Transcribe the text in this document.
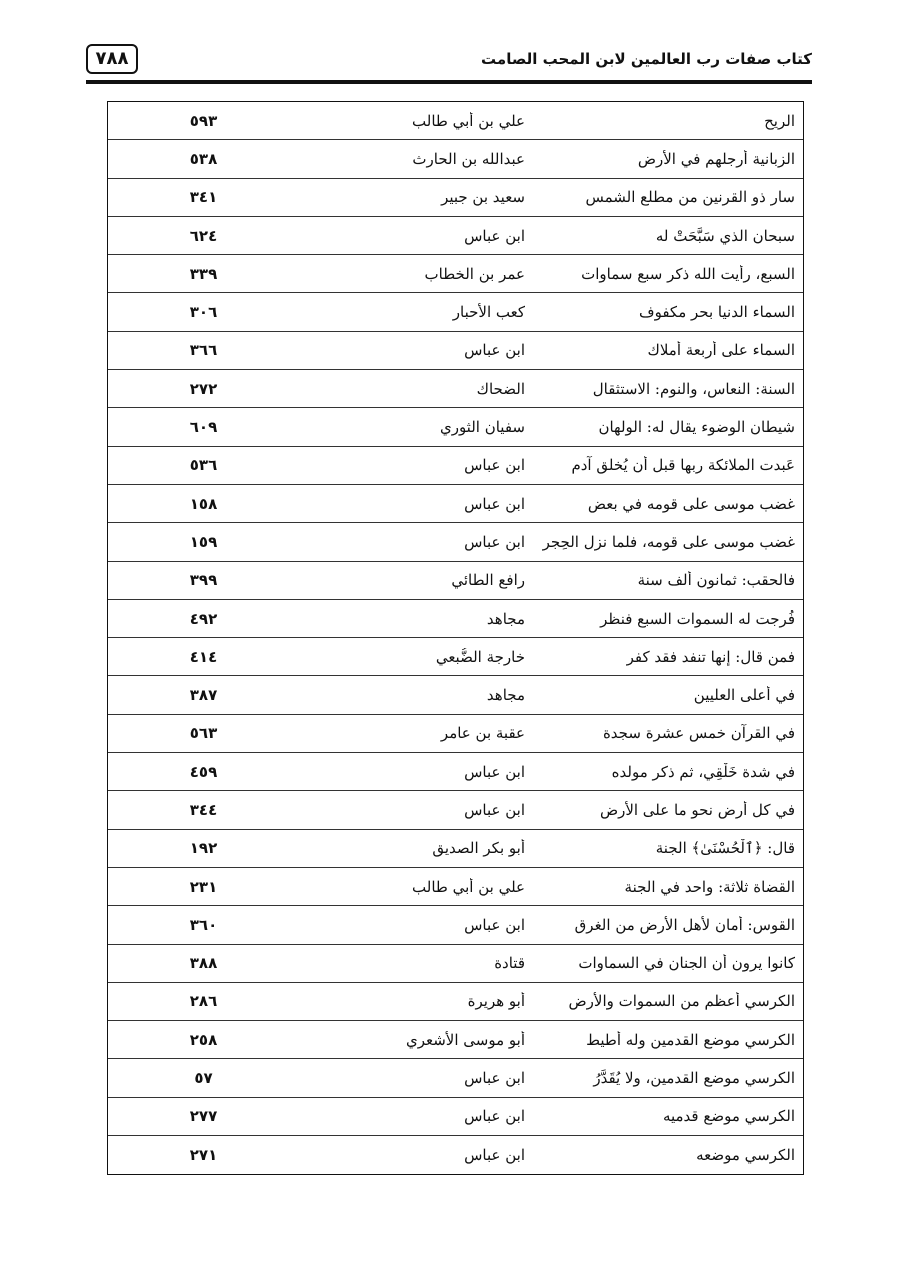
٧٨٨	كتاب صفات رب العالمين لابن المحب الصامت
الريح
علي بن أبي طالب
٥٩٣
الزبانية أرجلهم في الأرض
عبدالله بن الحارث
٥٣٨
سار ذو القرنين من مطلع الشمس
سعيد بن جبير
٣٤١
سبحان الذي سَبَّحَتْ له
ابن عباس
٦٢٤
السبع، رأيت الله ذكر سبع سماوات
عمر بن الخطاب
٣٣٩
السماء الدنيا بحر مكفوف
كعب الأحبار
٣٠٦
السماء على أربعة أملاك
ابن عباس
٣٦٦
السنة: النعاس، والنوم: الاستثقال
الضحاك
٢٧٢
شيطان الوضوء يقال له: الولهان
سفيان الثوري
٦٠٩
عَبدت الملائكة ربها قبل أن يُخلق آدم
ابن عباس
٥٣٦
غضب موسى على قومه في بعض
ابن عباس
١٥٨
غضب موسى على قومه، فلما نزل الحِجر
ابن عباس
١٥٩
فالحقب: ثمانون ألف سنة
رافع الطائي
٣٩٩
فُرجت له السموات السبع فنظر
مجاهد
٤٩٢
فمن قال: إنها تنفد فقد كفر
خارجة الضُّبعي
٤١٤
في أعلى العليين
مجاهد
٣٨٧
في القرآن خمس عشرة سجدة
عقبة بن عامر
٥٦٣
في شدة خَلْقِي، ثم ذكر مولده
ابن عباس
٤٥٩
في كل أرض نحو ما على الأرض
ابن عباس
٣٤٤
قال: ﴿ٱلْحُسْنَىٰ﴾ الجنة
أبو بكر الصديق
١٩٢
القضاة ثلاثة: واحد في الجنة
علي بن أبي طالب
٢٣١
القوس: أمان لأهل الأرض من الغرق
ابن عباس
٣٦٠
كانوا يرون أن الجنان في السماوات
قتادة
٣٨٨
الكرسي أعظم من السموات والأرض
أبو هريرة
٢٨٦
الكرسي موضع القدمين وله أطيط
أبو موسى الأشعري
٢٥٨
الكرسي موضع القدمين، ولا يُقَدَّرُ
ابن عباس
٥٧
الكرسي موضع قدميه
ابن عباس
٢٧٧
الكرسي موضعه
ابن عباس
٢٧١
